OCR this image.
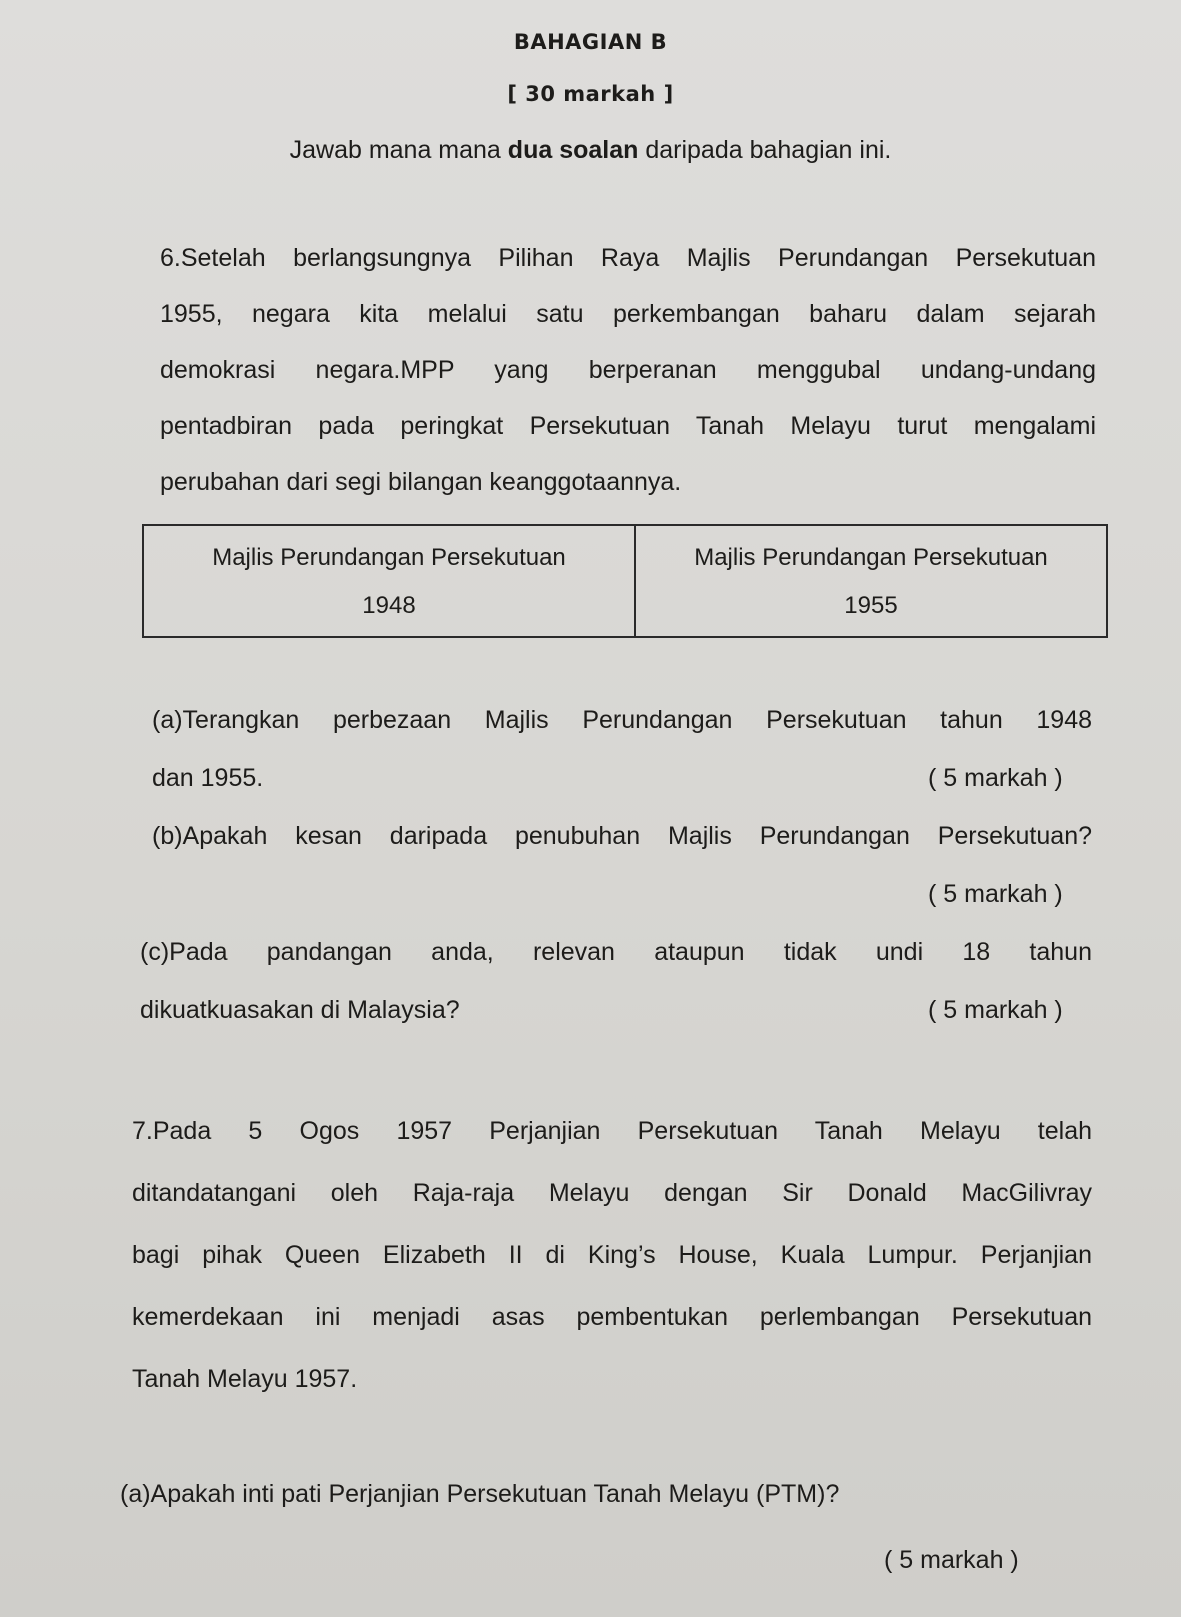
BAHAGIAN B
[ 30 markah ]
Jawab mana mana dua soalan daripada bahagian ini.
6.Setelah berlangsungnya Pilihan Raya Majlis Perundangan Persekutuan
1955, negara kita melalui satu perkembangan baharu dalam sejarah
demokrasi negara.MPP yang berperanan menggubal undang-undang
pentadbiran pada peringkat Persekutuan Tanah Melayu turut mengalami
perubahan dari segi bilangan keanggotaannya.
Majlis Perundangan Persekutuan
1948

Majlis Perundangan Persekutuan
1955
(a)Terangkan perbezaan Majlis Perundangan Persekutuan tahun 1948
dan 1955.	( 5 markah )
(b)Apakah kesan daripada penubuhan Majlis Perundangan Persekutuan?
( 5 markah )
(c)Pada pandangan anda, relevan ataupun tidak undi 18 tahun
dikuatkuasakan di Malaysia?	( 5 markah )
7.Pada 5 Ogos 1957 Perjanjian Persekutuan Tanah Melayu telah
ditandatangani oleh Raja-raja Melayu dengan Sir Donald MacGilivray
bagi pihak Queen Elizabeth II di King’s House, Kuala Lumpur. Perjanjian
kemerdekaan ini menjadi asas pembentukan perlembangan Persekutuan
Tanah Melayu 1957.
(a)Apakah inti pati Perjanjian Persekutuan Tanah Melayu (PTM)?
( 5 markah )
